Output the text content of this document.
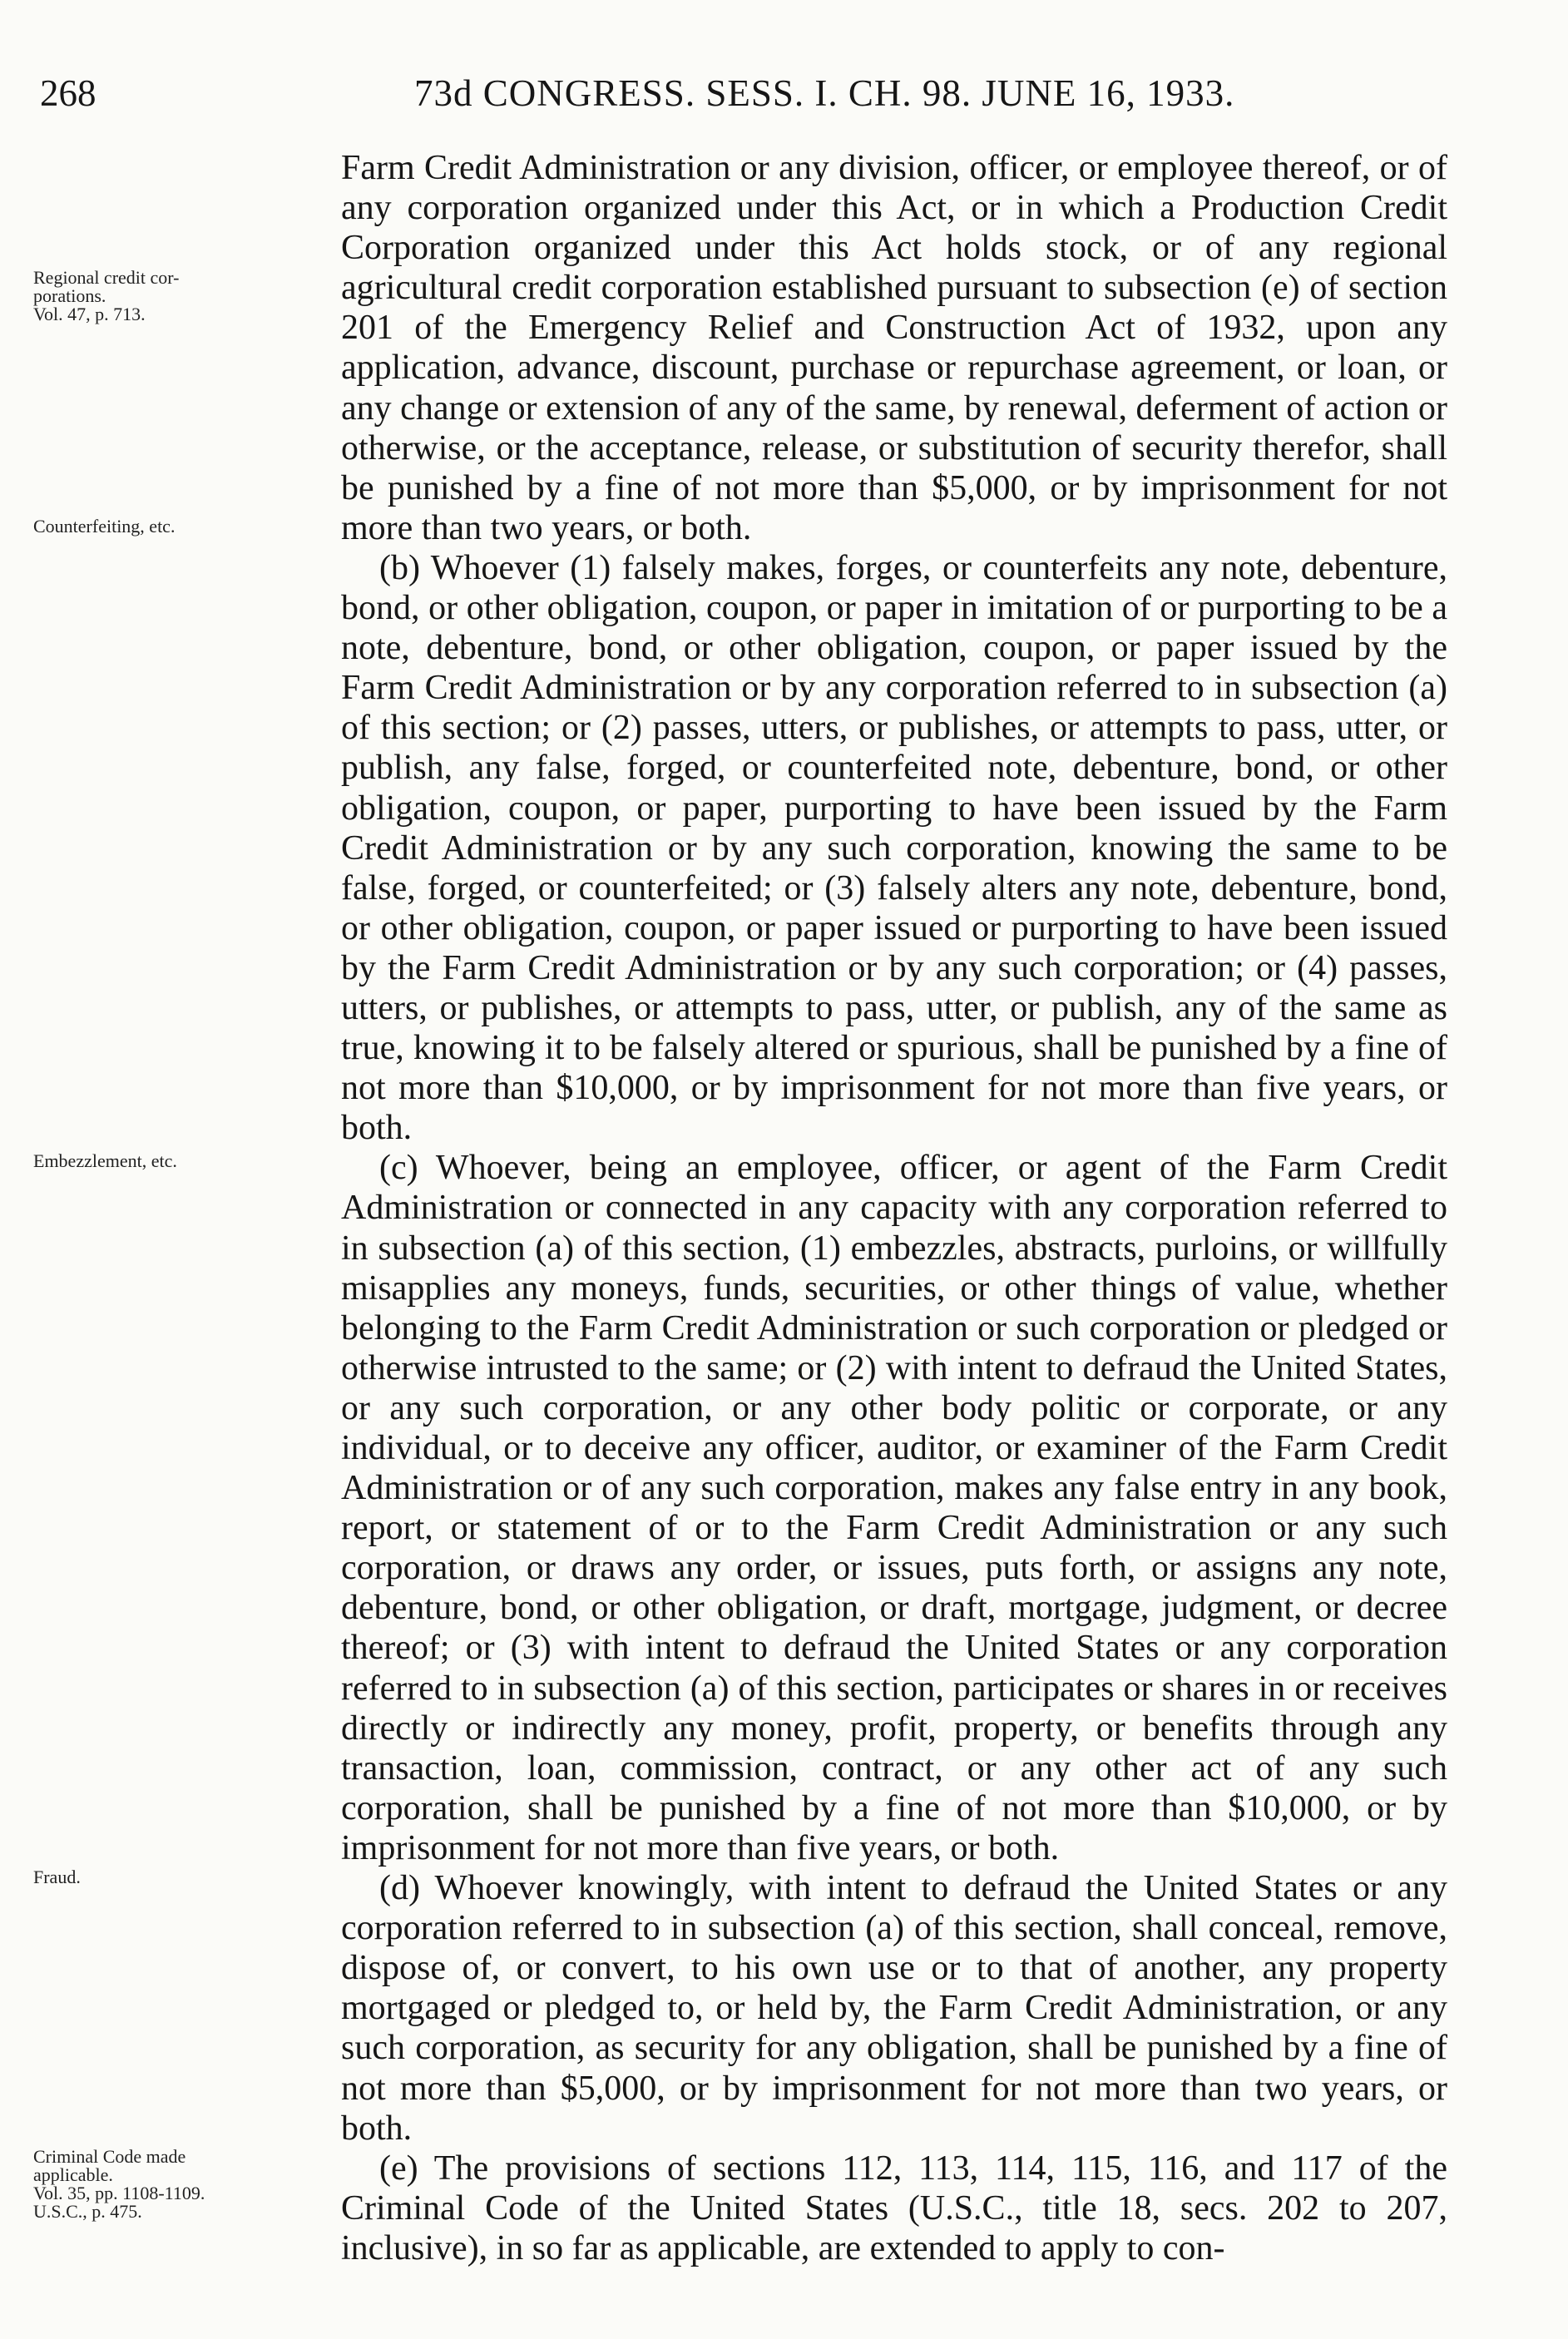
268	73d CONGRESS. SESS. I. CH. 98. JUNE 16, 1933.
Regional credit cor-
porations.
Vol. 47, p. 713.
Counterfeiting, etc.
Embezzlement, etc.
Fraud.
Criminal Code made
applicable.
Vol. 35, pp. 1108-1109.
U.S.C., p. 475.

Farm Credit Administration or any division, officer, or employee thereof, or of any corporation organized under this Act, or in which a Production Credit Corporation organized under this Act holds stock, or of any regional agricultural credit corporation established pursuant to subsection (e) of section 201 of the Emergency Relief and Construction Act of 1932, upon any application, advance, discount, purchase or repurchase agreement, or loan, or any change or extension of any of the same, by renewal, deferment of action or otherwise, or the acceptance, release, or substitution of security therefor, shall be punished by a fine of not more than $5,000, or by imprisonment for not more than two years, or both.

(b) Whoever (1) falsely makes, forges, or counterfeits any note, debenture, bond, or other obligation, coupon, or paper in imitation of or purporting to be a note, debenture, bond, or other obligation, coupon, or paper issued by the Farm Credit Administration or by any corporation referred to in subsection (a) of this section; or (2) passes, utters, or publishes, or attempts to pass, utter, or publish, any false, forged, or counterfeited note, debenture, bond, or other obligation, coupon, or paper, purporting to have been issued by the Farm Credit Administration or by any such corporation, knowing the same to be false, forged, or counterfeited; or (3) falsely alters any note, debenture, bond, or other obligation, coupon, or paper issued or purporting to have been issued by the Farm Credit Administration or by any such corporation; or (4) passes, utters, or publishes, or attempts to pass, utter, or publish, any of the same as true, knowing it to be falsely altered or spurious, shall be punished by a fine of not more than $10,000, or by imprisonment for not more than five years, or both.

(c) Whoever, being an employee, officer, or agent of the Farm Credit Administration or connected in any capacity with any corporation referred to in subsection (a) of this section, (1) embezzles, abstracts, purloins, or willfully misapplies any moneys, funds, securities, or other things of value, whether belonging to the Farm Credit Administration or such corporation or pledged or otherwise intrusted to the same; or (2) with intent to defraud the United States, or any such corporation, or any other body politic or corporate, or any individual, or to deceive any officer, auditor, or examiner of the Farm Credit Administration or of any such corporation, makes any false entry in any book, report, or statement of or to the Farm Credit Administration or any such corporation, or draws any order, or issues, puts forth, or assigns any note, debenture, bond, or other obligation, or draft, mortgage, judgment, or decree thereof; or (3) with intent to defraud the United States or any corporation referred to in subsection (a) of this section, participates or shares in or receives directly or indirectly any money, profit, property, or benefits through any transaction, loan, commission, contract, or any other act of any such corporation, shall be punished by a fine of not more than $10,000, or by imprisonment for not more than five years, or both.

(d) Whoever knowingly, with intent to defraud the United States or any corporation referred to in subsection (a) of this section, shall conceal, remove, dispose of, or convert, to his own use or to that of another, any property mortgaged or pledged to, or held by, the Farm Credit Administration, or any such corporation, as security for any obligation, shall be punished by a fine of not more than $5,000, or by imprisonment for not more than two years, or both.

(e) The provisions of sections 112, 113, 114, 115, 116, and 117 of the Criminal Code of the United States (U.S.C., title 18, secs. 202 to 207, inclusive), in so far as applicable, are extended to apply to con-
